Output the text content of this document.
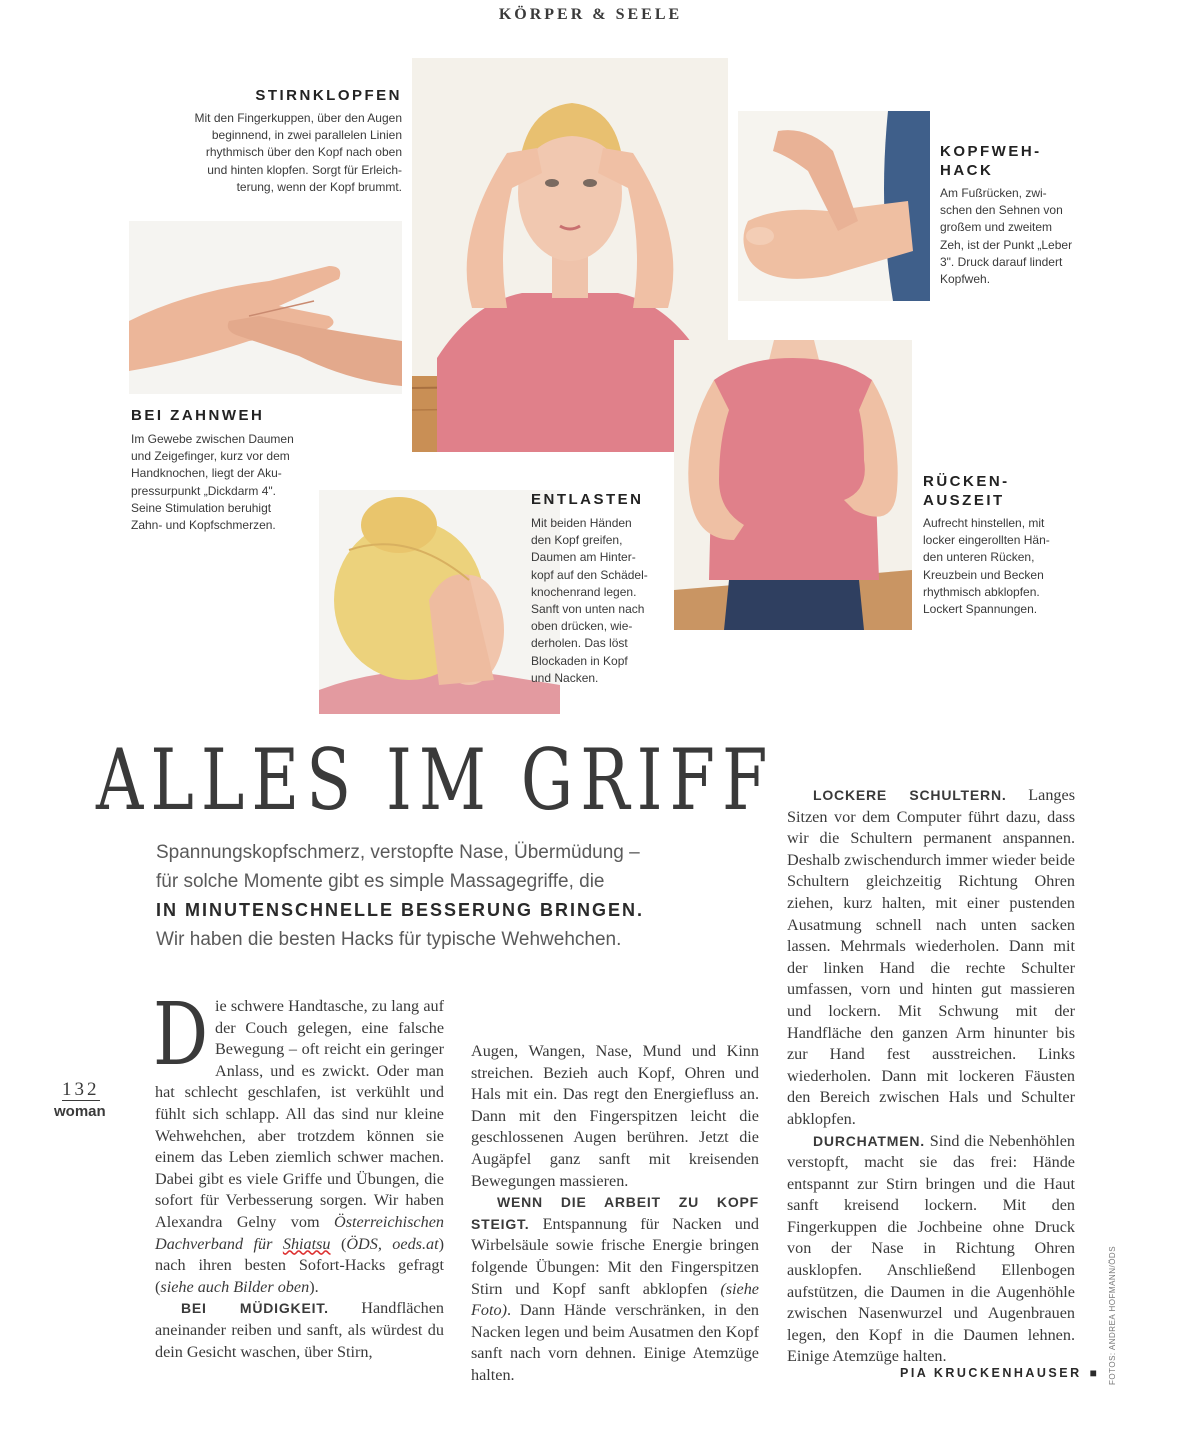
KÖRPER & SEELE
STIRNKLOPFEN
Mit den Fingerkuppen, über den Augen
beginnend, in zwei parallelen Linien
rhythmisch über den Kopf nach oben
und hinten klopfen. Sorgt für Erleich-
terung, wenn der Kopf brummt.
KOPFWEH-
HACK
Am Fußrücken, zwi-
schen den Sehnen von
großem und zweitem
Zeh, ist der Punkt „Leber
3". Druck darauf lindert
Kopfweh.
BEI ZAHNWEH
Im Gewebe zwischen Daumen
und Zeigefinger, kurz vor dem
Handknochen, liegt der Aku-
pressurpunkt „Dickdarm 4".
Seine Stimulation beruhigt
Zahn- und Kopfschmerzen.
ENTLASTEN
Mit beiden Händen
den Kopf greifen,
Daumen am Hinter-
kopf auf den Schädel-
knochenrand legen.
Sanft von unten nach
oben drücken, wie-
derholen. Das löst
Blockaden in Kopf
und Nacken.
RÜCKEN-
AUSZEIT
Aufrecht hinstellen, mit
locker eingerollten Hän-
den unteren Rücken,
Kreuzbein und Becken
rhythmisch abklopfen.
Lockert Spannungen.
ALLES IM GRIFF
Spannungskopfschmerz, verstopfte Nase, Übermüdung –
für solche Momente gibt es simple Massagegriffe, die
IN MINUTENSCHNELLE BESSERUNG BRINGEN.
Wir haben die besten Hacks für typische Wehwehchen.

Die schwere Handtasche, zu lang auf der Couch gelegen, eine falsche Bewegung – oft reicht ein geringer Anlass, und es zwickt. Oder man hat schlecht geschlafen, ist verkühlt und fühlt sich schlapp. All das sind nur kleine Wehwehchen, aber trotzdem können sie einem das Leben ziemlich schwer machen. Dabei gibt es viele Griffe und Übungen, die sofort für Verbesserung sorgen. Wir haben Alexandra Gelny vom Österreichischen Dachverband für Shiatsu (ÖDS, oeds.at) nach ihren besten Sofort-Hacks gefragt (siehe auch Bilder oben).

BEI MÜDIGKEIT. Handflächen aneinander reiben und sanft, als würdest du dein Gesicht waschen, über Stirn,

Augen, Wangen, Nase, Mund und Kinn streichen. Bezieh auch Kopf, Ohren und Hals mit ein. Das regt den Energiefluss an. Dann mit den Fingerspitzen leicht die geschlossenen Augen berühren. Jetzt die Augäpfel ganz sanft mit kreisenden Bewegungen massieren.

WENN DIE ARBEIT ZU KOPF STEIGT. Entspannung für Nacken und Wirbelsäule sowie frische Energie bringen folgende Übungen: Mit den Fingerspitzen Stirn und Kopf sanft abklopfen (siehe Foto). Dann Hände verschränken, in den Nacken legen und beim Ausatmen den Kopf sanft nach vorn dehnen. Einige Atemzüge halten.

LOCKERE SCHULTERN. Langes Sitzen vor dem Computer führt dazu, dass wir die Schultern permanent anspannen. Deshalb zwischendurch immer wieder beide Schultern gleichzeitig Richtung Ohren ziehen, kurz halten, mit einer pustenden Ausatmung schnell nach unten sacken lassen. Mehrmals wiederholen. Dann mit der linken Hand die rechte Schulter umfassen, vorn und hinten gut massieren und lockern. Mit Schwung mit der Handfläche den ganzen Arm hinunter bis zur Hand fest ausstreichen. Links wiederholen. Dann mit lockeren Fäusten den Bereich zwischen Hals und Schulter abklopfen.

DURCHATMEN. Sind die Nebenhöhlen verstopft, macht sie das frei: Hände entspannt zur Stirn bringen und die Haut sanft kreisend lockern. Mit den Fingerkuppen die Jochbeine ohne Druck von der Nase in Richtung Ohren ausklopfen. Anschließend Ellenbogen aufstützen, die Daumen in die Augenhöhle zwischen Nasenwurzel und Augenbrauen legen, den Kopf in die Daumen lehnen. Einige Atemzüge halten.

132
woman
PIA KRUCKENHAUSER ■ FOTOS: ANDREA HOFMANN/ÖDS
